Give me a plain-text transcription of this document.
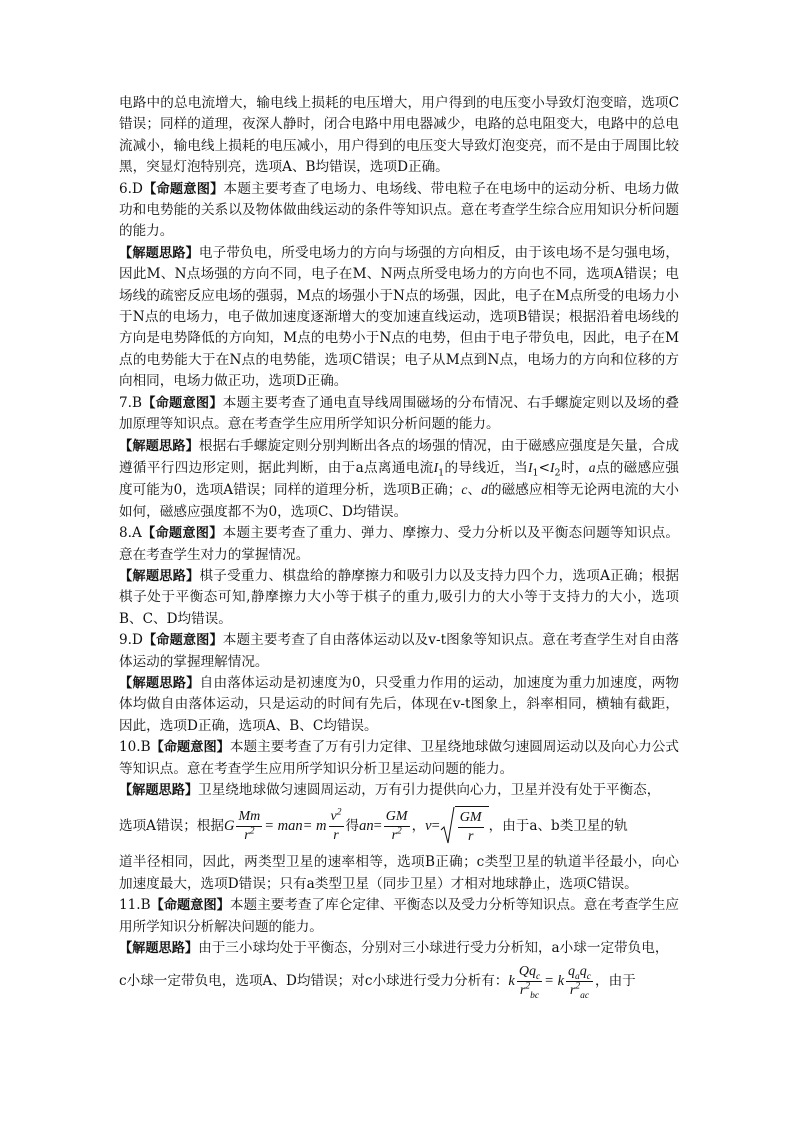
电路中的总电流增大，输电线上损耗的电压增大，用户得到的电压变小导致灯泡变暗，选项C错误；同样的道理，夜深人静时，闭合电路中用电器减少，电路的总电阻变大，电路中的总电流减小，输电线上损耗的电压减小，用户得到的电压变大导致灯泡变亮，而不是由于周围比较黑，突显灯泡特别亮，选项A、B均错误，选项D正确。

6.D【命题意图】本题主要考查了电场力、电场线、带电粒子在电场中的运动分析、电场力做功和电势能的关系以及物体做曲线运动的条件等知识点。意在考查学生综合应用知识分析问题的能力。

【解题思路】电子带负电，所受电场力的方向与场强的方向相反，由于该电场不是匀强电场，因此M、N点场强的方向不同，电子在M、N两点所受电场力的方向也不同，选项A错误；电场线的疏密反应电场的强弱，M点的场强小于N点的场强，因此，电子在M点所受的电场力小于N点的电场力，电子做加速度逐渐增大的变加速直线运动，选项B错误；根据沿着电场线的方向是电势降低的方向知，M点的电势小于N点的电势，但由于电子带负电，因此，电子在M点的电势能大于在N点的电势能，选项C错误；电子从M点到N点，电场力的方向和位移的方向相同，电场力做正功，选项D正确。

7.B【命题意图】本题主要考查了通电直导线周围磁场的分布情况、右手螺旋定则以及场的叠加原理等知识点。意在考查学生应用所学知识分析问题的能力。

【解题思路】根据右手螺旋定则分别判断出各点的场强的情况，由于磁感应强度是矢量，合成遵循平行四边形定则，据此判断，由于a点离通电流$I_1$的导线近，当$I_1<I_2$时，a点的磁感应强度可能为0，选项A错误；同样的道理分析，选项B正确；c、d的磁感应相等无论两电流的大小如何，磁感应强度都不为0，选项C、D均错误。

8.A【命题意图】本题主要考查了重力、弹力、摩擦力、受力分析以及平衡态问题等知识点。意在考查学生对力的掌握情况。

【解题思路】棋子受重力、棋盘给的静摩擦力和吸引力以及支持力四个力，选项A正确；根据棋子处于平衡态可知,静摩擦力大小等于棋子的重力,吸引力的大小等于支持力的大小，选项B、C、D均错误。

9.D【命题意图】本题主要考查了自由落体运动以及v-t图象等知识点。意在考查学生对自由落体运动的掌握理解情况。

【解题思路】自由落体运动是初速度为0，只受重力作用的运动，加速度为重力加速度，两物体均做自由落体运动，只是运动的时间有先后，体现在v-t图象上，斜率相同，横轴有截距，因此，选项D正确，选项A、B、C均错误。

10.B【命题意图】本题主要考查了万有引力定律、卫星绕地球做匀速圆周运动以及向心力公式等知识点。意在考查学生应用所学知识分析卫星运动问题的能力。

【解题思路】卫星绕地球做匀速圆周运动，万有引力提供向心力，卫星并没有处于平衡态，

选项A错误；根据 G $\frac{Mm}{r^2}$ = ma n = m $\frac{v^2}{r}$ 得 a $n = \frac{GM}{r^2}$ ， $v = \frac{GM}{r}$ ，由于a、b类卫星的轨

道半径相同，因此，两类型卫星的速率相等，选项B正确；c类型卫星的轨道半径最小，向心加速度最大，选项D错误；只有a类型卫星（同步卫星）才相对地球静止，选项C错误。

11.B【命题意图】本题主要考查了库仑定律、平衡态以及受力分析等知识点。意在考查学生应用所学知识分析解决问题的能力。

【解题思路】由于三小球均处于平衡态，分别对三小球进行受力分析知，a小球一定带负电，

c小球一定带负电，选项A、D均错误；对c小球进行受力分析有： k $\frac{Qq_c}{r^2_{bc}} = k \frac{q_aq_c}{r^2_{ac}}$ ，由于
